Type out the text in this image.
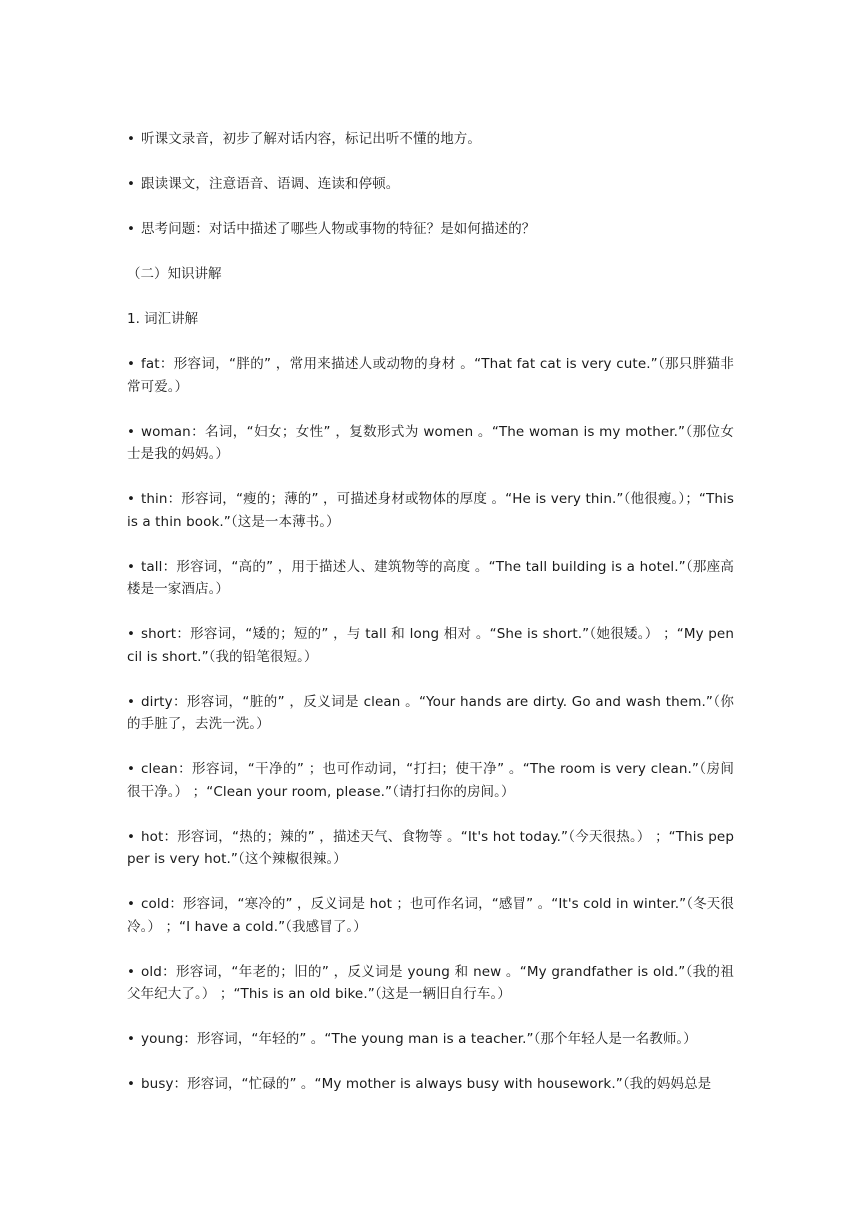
• 听课文录音，初步了解对话内容，标记出听不懂的地方。

• 跟读课文，注意语音、语调、连读和停顿。

• 思考问题：对话中描述了哪些人物或事物的特征？是如何描述的？

（二）知识讲解

1. 词汇讲解

• fat：形容词，“胖的” ，常用来描述人或动物的身材 。“That fat cat is very cute.”（那只胖猫非常可爱。）

• woman：名词，“妇女；女性” ，复数形式为 women 。“The woman is my mother.”（那位女士是我的妈妈。）

• thin：形容词，“瘦的；薄的” ，可描述身材或物体的厚度 。“He is very thin.”（他很瘦。）；“This is a thin book.”（这是一本薄书。）

• tall：形容词，“高的” ，用于描述人、建筑物等的高度 。“The tall building is a hotel.”（那座高楼是一家酒店。）

• short：形容词，“矮的；短的” ，与 tall 和 long 相对 。“She is short.”（她很矮。） ；“My pencil is short.”（我的铅笔很短。）

• dirty：形容词，“脏的” ，反义词是 clean 。“Your hands are dirty. Go and wash them.”（你的手脏了，去洗一洗。）

• clean：形容词，“干净的” ；也可作动词，“打扫；使干净” 。“The room is very clean.”（房间很干净。） ；“Clean your room, please.”（请打扫你的房间。）

• hot：形容词，“热的；辣的” ，描述天气、食物等 。“It's hot today.”（今天很热。） ；“This pepper is very hot.”（这个辣椒很辣。）

• cold：形容词，“寒冷的” ，反义词是 hot ；也可作名词，“感冒” 。“It's cold in winter.”（冬天很冷。） ；“I have a cold.”（我感冒了。）

• old：形容词，“年老的；旧的” ，反义词是 young 和 new 。“My grandfather is old.”（我的祖父年纪大了。） ；“This is an old bike.”（这是一辆旧自行车。）

• young：形容词，“年轻的” 。“The young man is a teacher.”（那个年轻人是一名教师。）

• busy：形容词，“忙碌的” 。“My mother is always busy with housework.”（我的妈妈总是
